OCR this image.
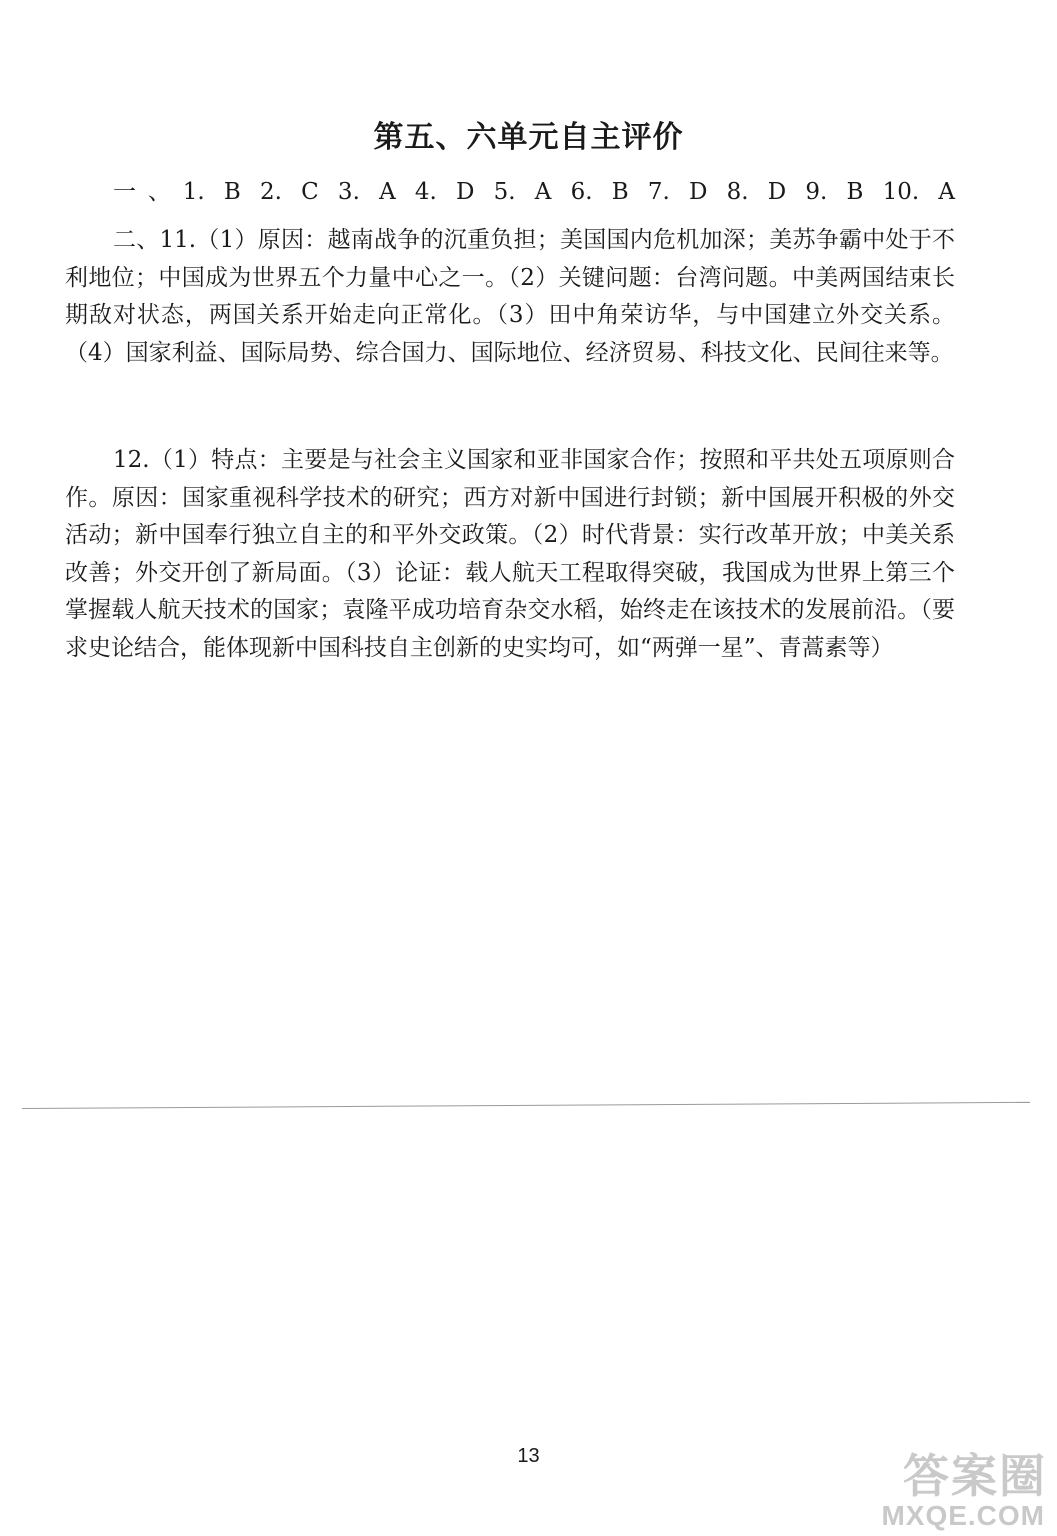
第五、六单元自主评价
一、1. B 2. C 3. A 4. D 5. A 6. B 7. D 8. D 9. B 10. A
二、11.（1）原因：越南战争的沉重负担；美国国内危机加深；美苏争霸中处于不利地位；中国成为世界五个力量中心之一。（2）关键问题：台湾问题。中美两国结束长期敌对状态，两国关系开始走向正常化。（3）田中角荣访华，与中国建立外交关系。（4）国家利益、国际局势、综合国力、国际地位、经济贸易、科技文化、民间往来等。
12.（1）特点：主要是与社会主义国家和亚非国家合作；按照和平共处五项原则合作。原因：国家重视科学技术的研究；西方对新中国进行封锁；新中国展开积极的外交活动；新中国奉行独立自主的和平外交政策。（2）时代背景：实行改革开放；中美关系改善；外交开创了新局面。（3）论证：载人航天工程取得突破，我国成为世界上第三个掌握载人航天技术的国家；袁隆平成功培育杂交水稻，始终走在该技术的发展前沿。（要求史论结合，能体现新中国科技自主创新的史实均可，如“两弹一星”、青蒿素等）
13	答案圈
MXQE.COM
